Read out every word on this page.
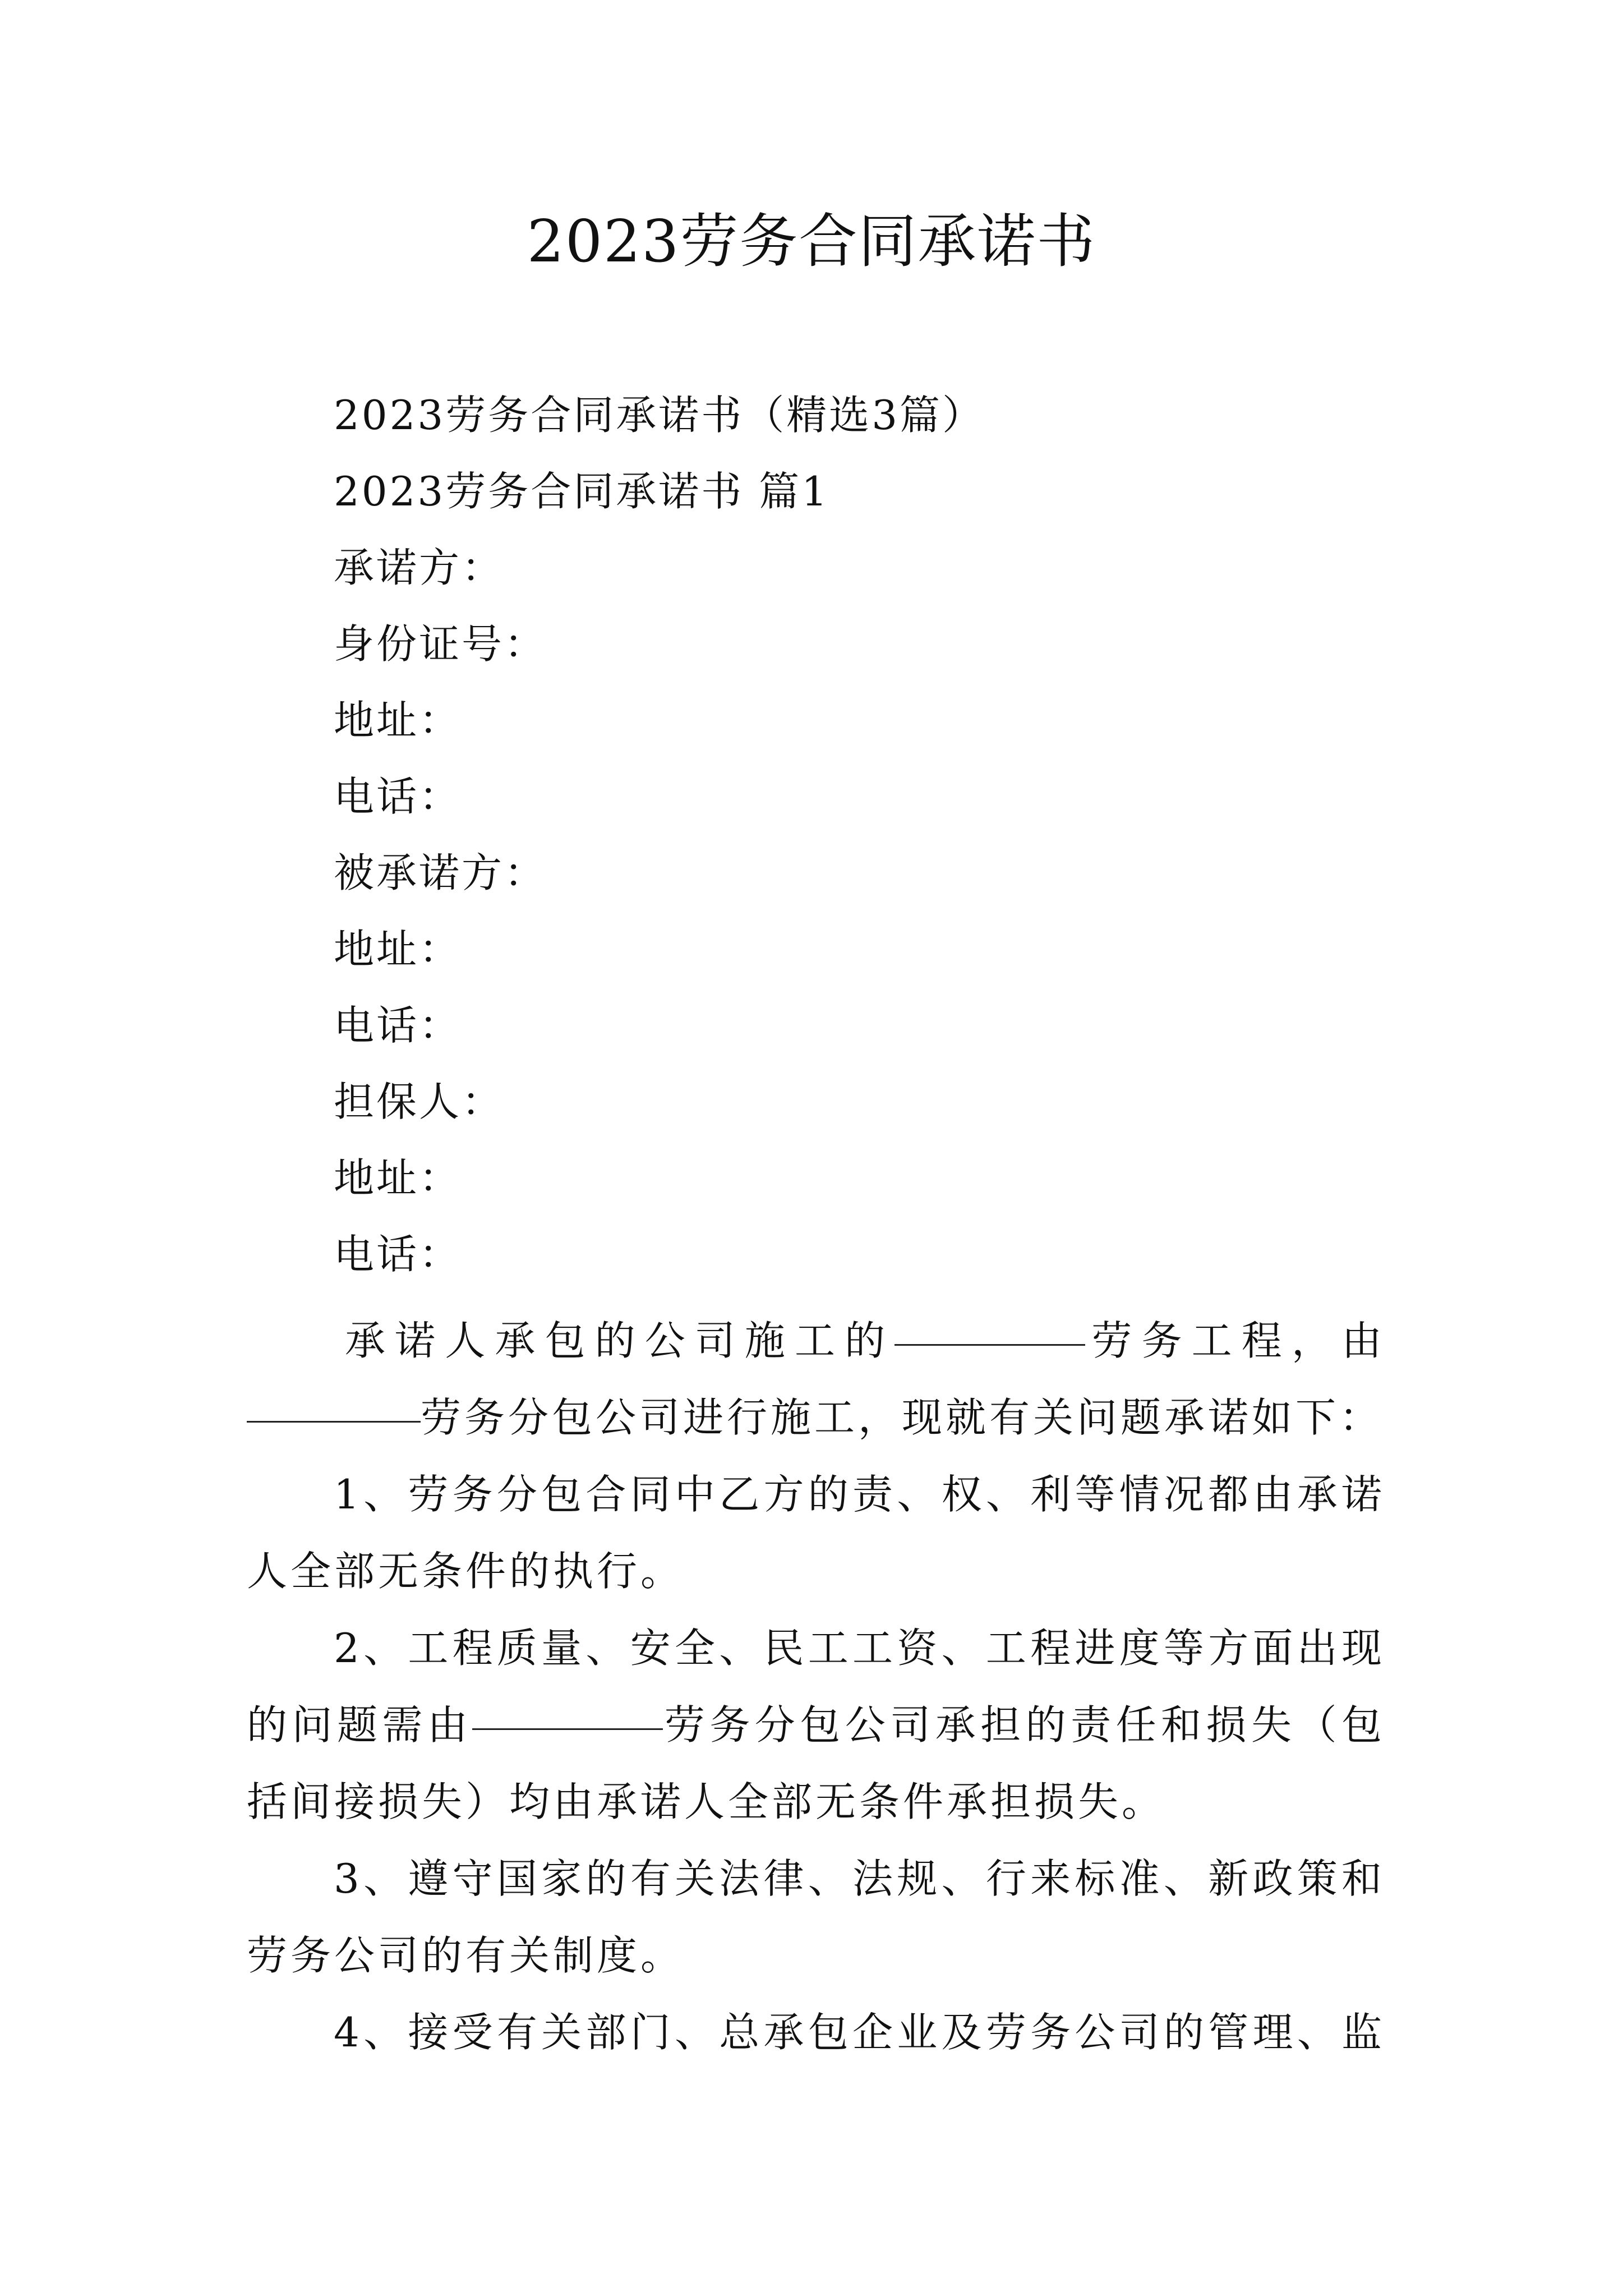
2023劳务合同承诺书
2023劳务合同承诺书（精选3篇）
2023劳务合同承诺书 篇1
承诺方：
身份证号：
地址：
电话：
被承诺方：
地址：
电话：
担保人：
地址：
电话：
承诺人承包的公司施工的	劳务工程，由
劳务分包公司进行施工，现就有关问题承诺如下：
1、劳务分包合同中乙方的责、权、利等情况都由承诺
人全部无条件的执行。
2、工程质量、安全、民工工资、工程进度等方面出现
的问题需由	劳务分包公司承担的责任和损失（包
括间接损失）均由承诺人全部无条件承担损失。
3、遵守国家的有关法律、法规、行来标准、新政策和
劳务公司的有关制度。
4、接受有关部门、总承包企业及劳务公司的管理、监
